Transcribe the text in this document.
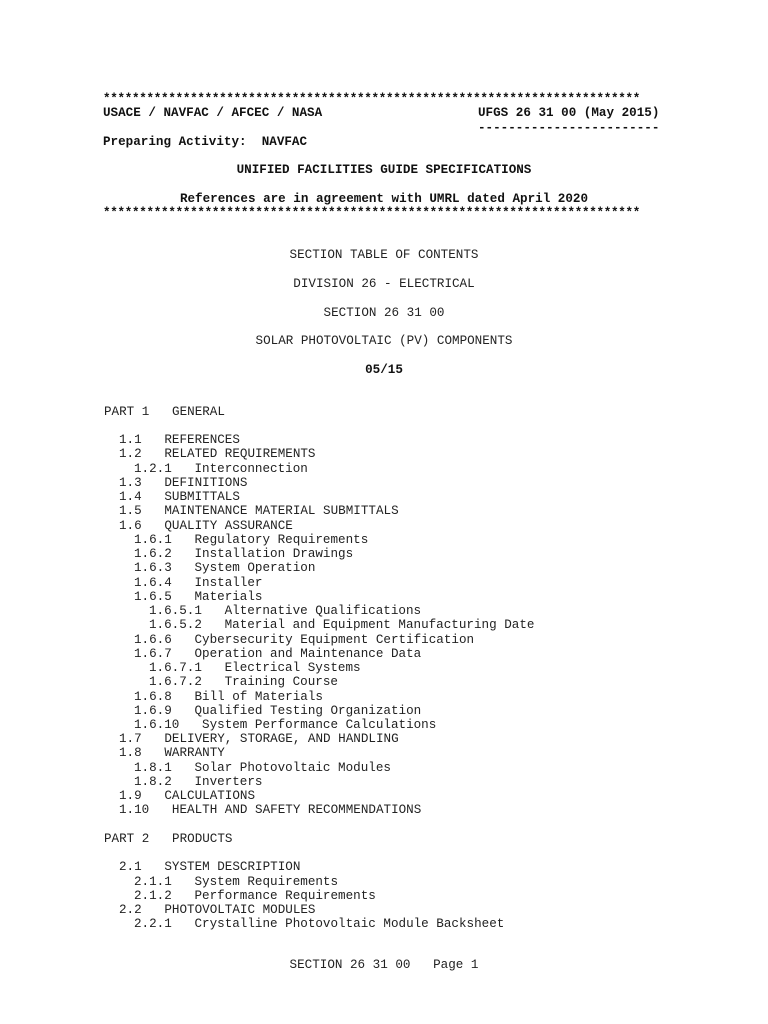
**************************************************************************
USACE / NAVFAC / AFCEC / NASA	UFGS 26 31 00 (May 2015)
------------------------
Preparing Activity:  NAVFAC
UNIFIED FACILITIES GUIDE SPECIFICATIONS
References are in agreement with UMRL dated April 2020
**************************************************************************
SECTION TABLE OF CONTENTS
DIVISION 26 - ELECTRICAL
SECTION 26 31 00
SOLAR PHOTOVOLTAIC (PV) COMPONENTS
05/15
PART 1   GENERAL
1.1   REFERENCES
1.2   RELATED REQUIREMENTS
1.2.1   Interconnection
1.3   DEFINITIONS
1.4   SUBMITTALS
1.5   MAINTENANCE MATERIAL SUBMITTALS
1.6   QUALITY ASSURANCE
1.6.1   Regulatory Requirements
1.6.2   Installation Drawings
1.6.3   System Operation
1.6.4   Installer
1.6.5   Materials
1.6.5.1   Alternative Qualifications
1.6.5.2   Material and Equipment Manufacturing Date
1.6.6   Cybersecurity Equipment Certification
1.6.7   Operation and Maintenance Data
1.6.7.1   Electrical Systems
1.6.7.2   Training Course
1.6.8   Bill of Materials
1.6.9   Qualified Testing Organization
1.6.10   System Performance Calculations
1.7   DELIVERY, STORAGE, AND HANDLING
1.8   WARRANTY
1.8.1   Solar Photovoltaic Modules
1.8.2   Inverters
1.9   CALCULATIONS
1.10   HEALTH AND SAFETY RECOMMENDATIONS
PART 2   PRODUCTS
2.1   SYSTEM DESCRIPTION
2.1.1   System Requirements
2.1.2   Performance Requirements
2.2   PHOTOVOLTAIC MODULES
2.2.1   Crystalline Photovoltaic Module Backsheet
SECTION 26 31 00   Page 1
